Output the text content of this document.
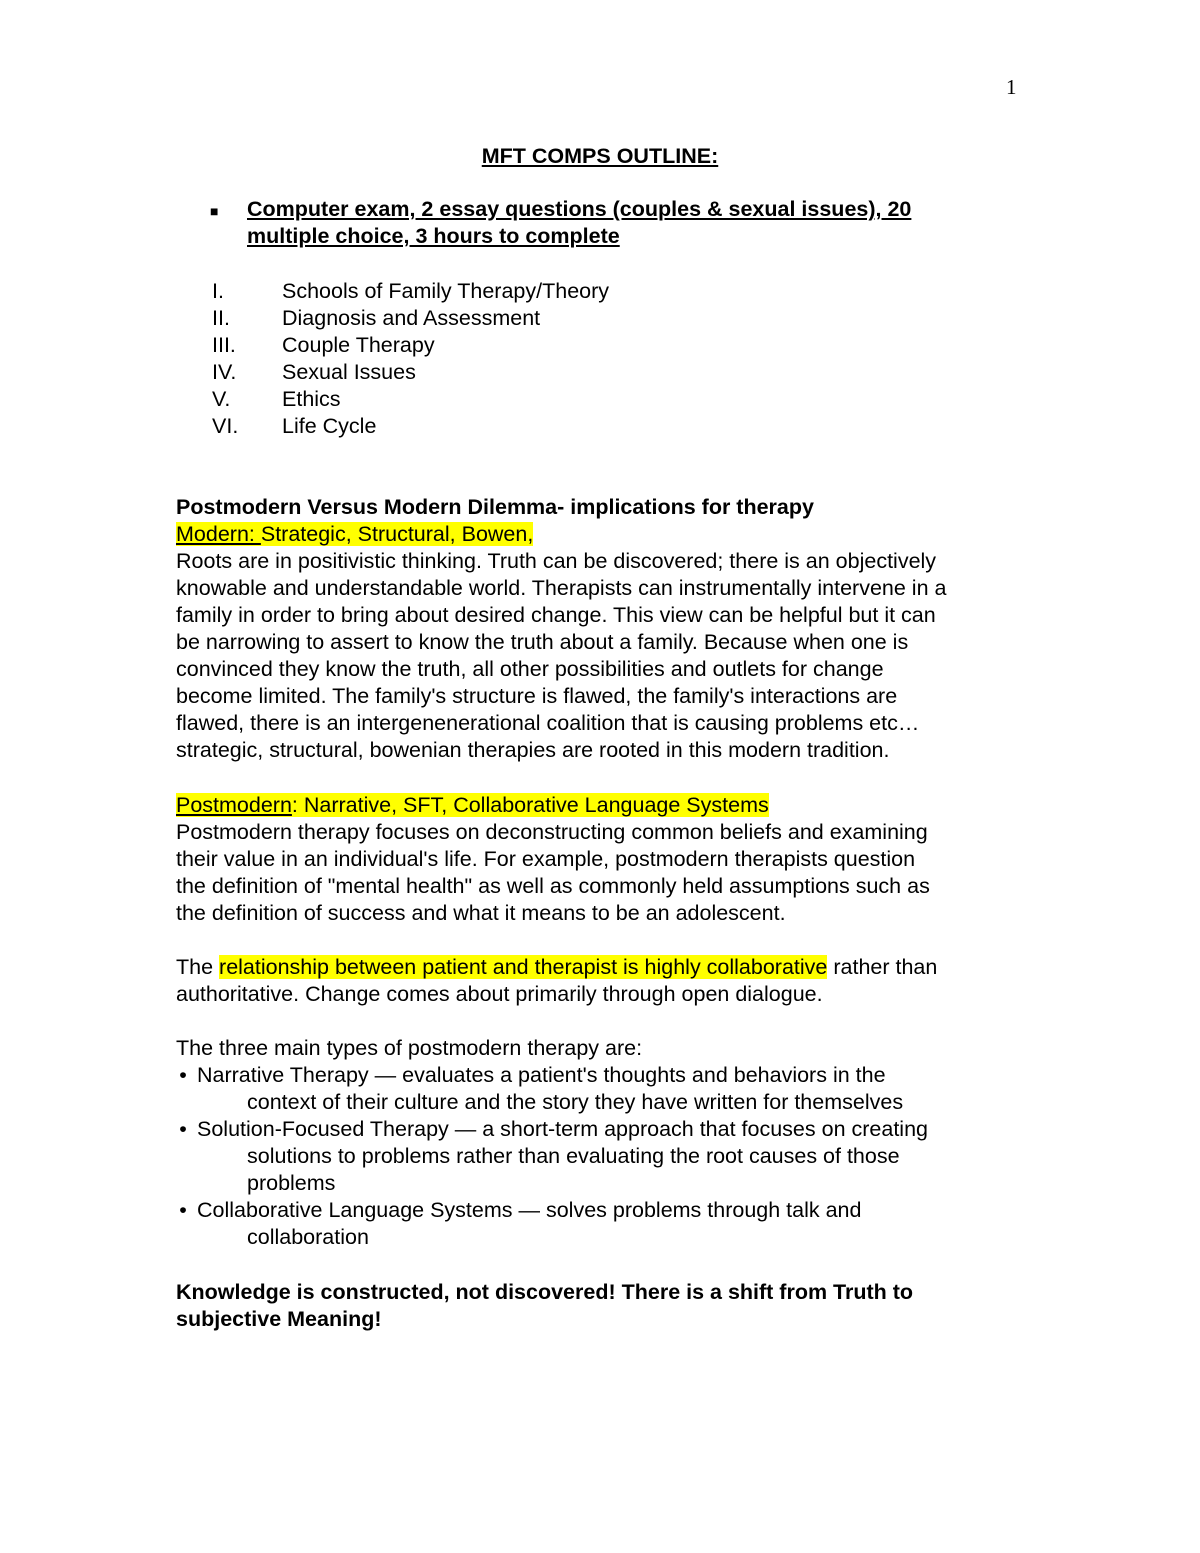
1
MFT COMPS OUTLINE:
■ Computer exam, 2 essay questions (couples & sexual issues), 20
multiple choice, 3 hours to complete
I.	Schools of Family Therapy/Theory
II. Diagnosis and Assessment
III. Couple Therapy
IV. Sexual Issues
V. Ethics
VI. Life Cycle
Postmodern Versus Modern Dilemma- implications for therapy
Modern: Strategic, Structural, Bowen,
Roots are in positivistic thinking. Truth can be discovered; there is an objectively
knowable and understandable world. Therapists can instrumentally intervene in a
family in order to bring about desired change. This view can be helpful but it can
be narrowing to assert to know the truth about a family. Because when one is
convinced they know the truth, all other possibilities and outlets for change
become limited. The family's structure is flawed, the family's interactions are
flawed, there is an intergenenerational coalition that is causing problems etc…
strategic, structural, bowenian therapies are rooted in this modern tradition.
Postmodern: Narrative, SFT, Collaborative Language Systems
Postmodern therapy focuses on deconstructing common beliefs and examining
their value in an individual's life. For example, postmodern therapists question
the definition of "mental health" as well as commonly held assumptions such as
the definition of success and what it means to be an adolescent.
The relationship between patient and therapist is highly collaborative rather than
authoritative. Change comes about primarily through open dialogue.
The three main types of postmodern therapy are:
• Narrative Therapy — evaluates a patient's thoughts and behaviors in the
context of their culture and the story they have written for themselves
• Solution-Focused Therapy — a short-term approach that focuses on creating
solutions to problems rather than evaluating the root causes of those
problems
• Collaborative Language Systems — solves problems through talk and
collaboration
Knowledge is constructed, not discovered! There is a shift from Truth to
subjective Meaning!
